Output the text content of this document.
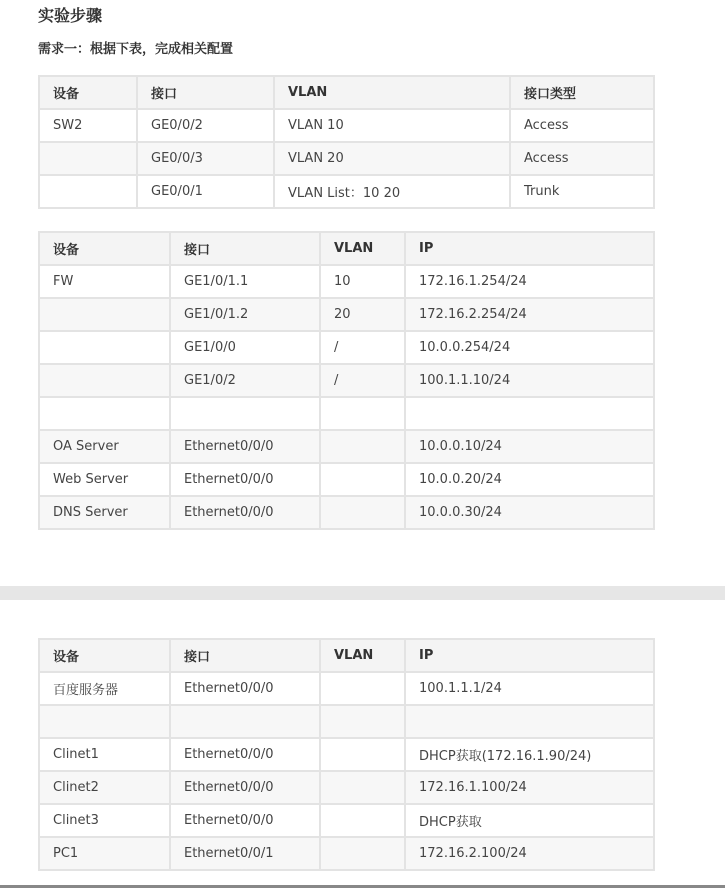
实验步骤
需求一：根据下表，完成相关配置
设备	接口	VLAN	接口类型
SW2	GE0/0/2	VLAN 10	Access
	GE0/0/3	VLAN 20	Access
	GE0/0/1	VLAN List：10 20	Trunk
设备	接口	VLAN	IP
FW	GE1/0/1.1	10	172.16.1.254/24
	GE1/0/1.2	20	172.16.2.254/24
	GE1/0/0	/	10.0.0.254/24
	GE1/0/2	/	100.1.1.10/24

OA Server	Ethernet0/0/0		10.0.0.10/24
Web Server	Ethernet0/0/0		10.0.0.20/24
DNS Server	Ethernet0/0/0		10.0.0.30/24
设备	接口	VLAN	IP
百度服务器	Ethernet0/0/0		100.1.1.1/24

Clinet1	Ethernet0/0/0		DHCP获取(172.16.1.90/24)
Clinet2	Ethernet0/0/0		172.16.1.100/24
Clinet3	Ethernet0/0/0		DHCP获取
PC1	Ethernet0/0/1		172.16.2.100/24
